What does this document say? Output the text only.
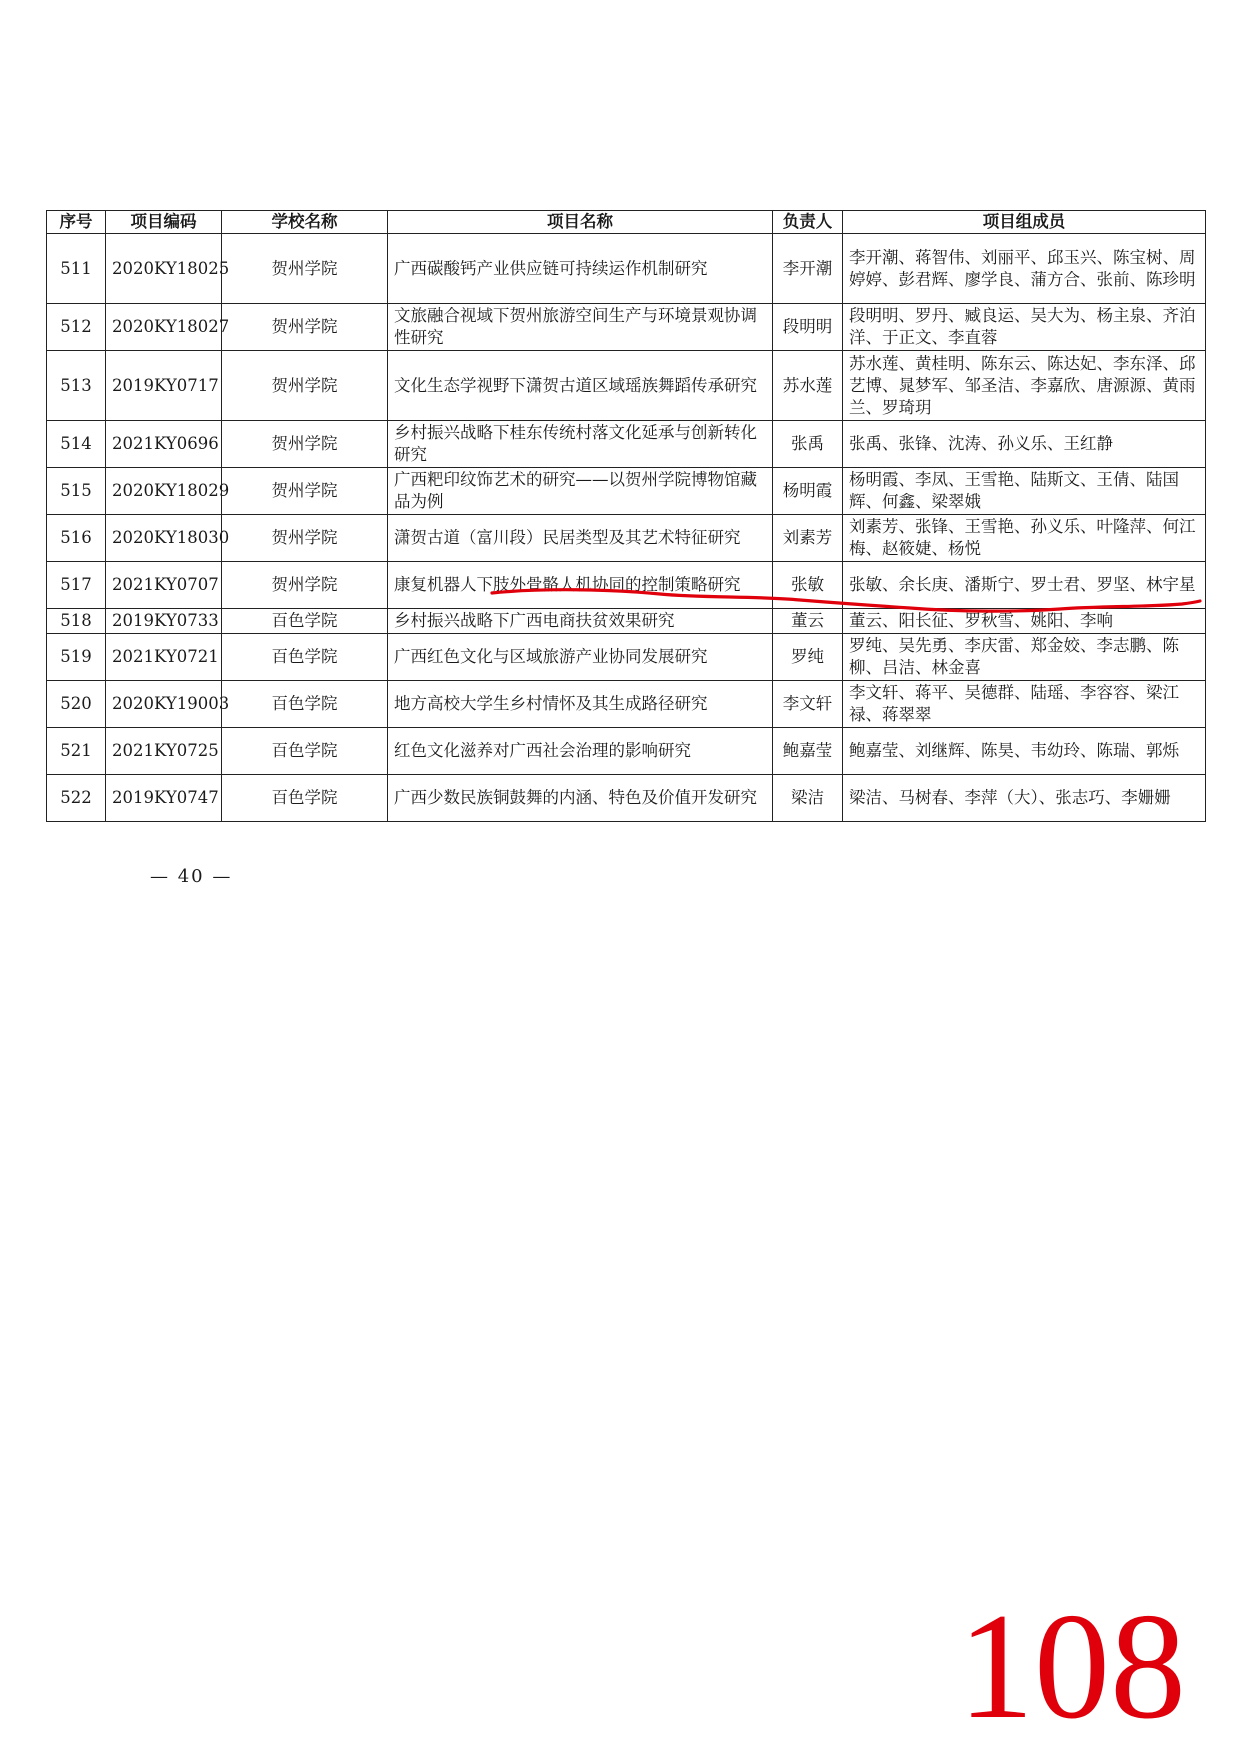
序号	项目编码	学校名称	项目名称	负责人	项目组成员
511	2020KY18025	贺州学院	广西碳酸钙产业供应链可持续运作机制研究	李开潮	李开潮、蒋智伟、刘丽平、邱玉兴、陈宝树、周婷婷、彭君辉、廖学良、蒲方合、张前、陈珍明
512	2020KY18027	贺州学院	文旅融合视域下贺州旅游空间生产与环境景观协调性研究	段明明	段明明、罗丹、臧良运、吴大为、杨主泉、齐泊洋、于正文、李直蓉
513	2019KY0717	贺州学院	文化生态学视野下潇贺古道区域瑶族舞蹈传承研究	苏水莲	苏水莲、黄桂明、陈东云、陈达妃、李东泽、邱艺博、晁梦军、邹圣洁、李嘉欣、唐源源、黄雨兰、罗琦玥
514	2021KY0696	贺州学院	乡村振兴战略下桂东传统村落文化延承与创新转化研究	张禹	张禹、张锋、沈涛、孙义乐、王红静
515	2020KY18029	贺州学院	广西粑印纹饰艺术的研究——以贺州学院博物馆藏品为例	杨明霞	杨明霞、李凤、王雪艳、陆斯文、王倩、陆国辉、何鑫、梁翠娥
516	2020KY18030	贺州学院	潇贺古道（富川段）民居类型及其艺术特征研究	刘素芳	刘素芳、张锋、王雪艳、孙义乐、叶隆萍、何江梅、赵筱婕、杨悦
517	2021KY0707	贺州学院	康复机器人下肢外骨骼人机协同的控制策略研究	张敏	张敏、余长庚、潘斯宁、罗士君、罗坚、林宇星
518	2019KY0733	百色学院	乡村振兴战略下广西电商扶贫效果研究	董云	董云、阳长征、罗秋雪、姚阳、李响
519	2021KY0721	百色学院	广西红色文化与区域旅游产业协同发展研究	罗纯	罗纯、吴先勇、李庆雷、郑金姣、李志鹏、陈柳、吕洁、林金喜
520	2020KY19003	百色学院	地方高校大学生乡村情怀及其生成路径研究	李文轩	李文轩、蒋平、吴德群、陆瑶、李容容、梁江禄、蒋翠翠
521	2021KY0725	百色学院	红色文化滋养对广西社会治理的影响研究	鲍嘉莹	鲍嘉莹、刘继辉、陈昊、韦幼玲、陈瑞、郭烁
522	2019KY0747	百色学院	广西少数民族铜鼓舞的内涵、特色及价值开发研究	梁洁	梁洁、马树春、李萍（大）、张志巧、李姗姗
— 40 —
108
